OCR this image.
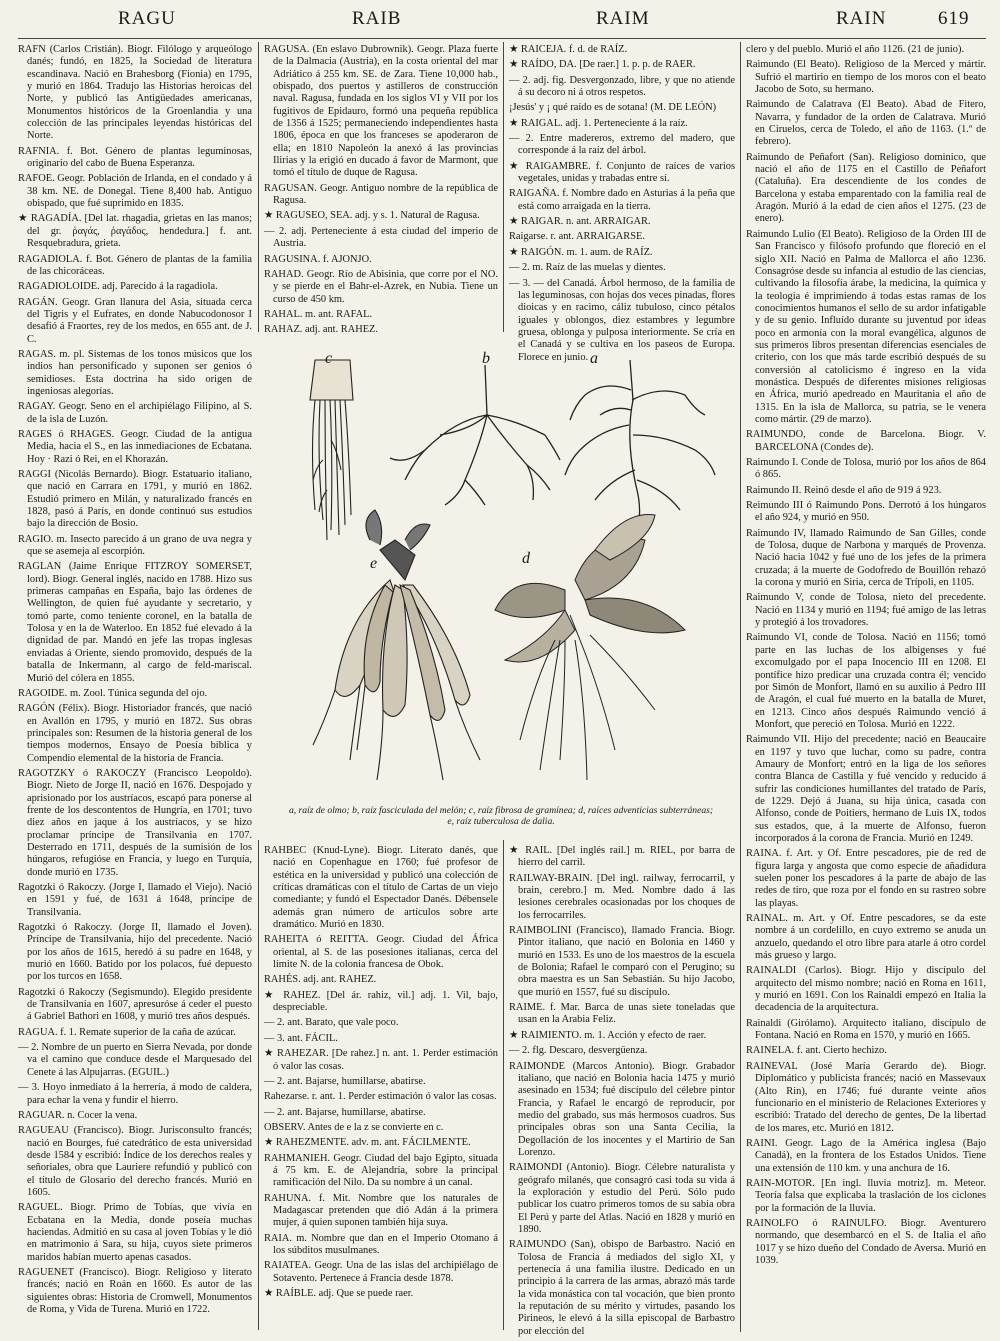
RAGU	RAIB	RAIM	RAIN	619

RAFN (Carlos Cristián). Biogr. Filólogo y arqueólogo danés; fundó, en 1825, la Sociedad de literatura escandinava. Nació en Brahesborg (Fionia) en 1795, y murió en 1864. Tradujo las Historias heroicas del Norte, y publicó las Antigüedades americanas, Monumentos históricos de la Groenlandia y una colección de las principales leyendas históricas del Norte.

RAFNIA. f. Bot. Género de plantas leguminosas, originario del cabo de Buena Esperanza.

RAFOE. Geogr. Población de Irlanda, en el condado y á 38 km. NE. de Donegal. Tiene 8,400 hab. Antiguo obispado, que fué suprimido en 1835.

★ RAGADÍA. [Del lat. rhagadia, grietas en las manos; del gr. ῥαγάς, ῥαγάδος, hendedura.] f. ant. Resquebradura, grieta.

RAGADIOLA. f. Bot. Género de plantas de la familia de las chicoráceas.

RAGADIOLOIDE. adj. Parecido á la ragadiola.

RAGÁN. Geogr. Gran llanura del Asia, situada cerca del Tigris y el Eufrates, en donde Nabucodonosor I desafió á Fraortes, rey de los medos, en 655 ant. de J. C.

RAGAS. m. pl. Sistemas de los tonos músicos que los indios han personificado y suponen ser genios ó semidioses. Esta doctrina ha sido origen de ingeniosas alegorías.

RAGAY. Geogr. Seno en el archipiélago Filipino, al S. de la isla de Luzón.

RAGES ó RHAGES. Geogr. Ciudad de la antigua Media, hacia el S., en las inmediaciones de Ecbatana. Hoy · Razi ó Rei, en el Khorazán.

RAGGI (Nicolás Bernardo). Biogr. Estatuario italiano, que nació en Carrara en 1791, y murió en 1862. Estudió primero en Milán, y naturalizado francés en 1828, pasó á París, en donde continuó sus estudios bajo la dirección de Bosio.

RAGIO. m. Insecto parecido á un grano de uva negra y que se asemeja al escorpión.

RAGLAN (Jaime Enrique FITZROY SOMERSET, lord). Biogr. General inglés, nacido en 1788. Hizo sus primeras campañas en España, bajo las órdenes de Wellington, de quien fué ayudante y secretario, y tomó parte, como teniente coronel, en la batalla de Tolosa y en la de Waterloo. En 1852 fué elevado á la dignidad de par. Mandó en jefe las tropas inglesas enviadas á Oriente, siendo promovido, después de la batalla de Inkermann, al cargo de feld-mariscal. Murió del cólera en 1855.

RAGOIDE. m. Zool. Túnica segunda del ojo.

RAGÓN (Félix). Biogr. Historiador francés, que nació en Avallón en 1795, y murió en 1872. Sus obras principales son: Resumen de la historia general de los tiempos modernos, Ensayo de Poesía bíblica y Compendio elemental de la historia de Francia.

RAGOTZKY ó RAKOCZY (Francisco Leopoldo). Biogr. Nieto de Jorge II, nació en 1676. Despojado y aprisionado por los austríacos, escapó para ponerse al frente de los descontentos de Hungría, en 1701; tuvo diez años en jaque á los austríacos, y se hizo proclamar príncipe de Transilvania en 1707. Desterrado en 1711, después de la sumisión de los húngaros, refugióse en Francia, y luego en Turquía, donde murió en 1735.

Ragotzki ó Rakoczy. (Jorge I, llamado el Viejo). Nació en 1591 y fué, de 1631 á 1648, príncipe de Transilvania.

Ragotzki ó Rakoczy. (Jorge II, llamado el Joven). Príncipe de Transilvania, hijo del precedente. Nació por los años de 1615, heredó á su padre en 1648, y murió en 1660. Batido por los polacos, fué depuesto por los turcos en 1658.

Ragotzki ó Rakoczy (Segismundo). Elegido presidente de Transilvania en 1607, apresuróse á ceder el puesto á Gabriel Bathori en 1608, y murió tres años después.

RAGUA. f. 1. Remate superior de la caña de azúcar.

— 2. Nombre de un puerto en Sierra Nevada, por donde va el camino que conduce desde el Marquesado del Cenete á las Alpujarras. (EGUIL.)

— 3. Hoyo inmediato á la herrería, á modo de caldera, para echar la vena y fundir el hierro.

RAGUAR. n. Cocer la vena.

RAGUEAU (Francisco). Biogr. Jurisconsulto francés; nació en Bourges, fué catedrático de esta universidad desde 1584 y escribió: Índice de los derechos reales y señoriales, obra que Lauriere refundió y publicó con el título de Glosario del derecho francés. Murió en 1605.

RAGUEL. Biogr. Primo de Tobías, que vivía en Ecbatana en la Media, donde poseía muchas haciendas. Admitió en su casa al joven Tobías y le dió en matrimonio á Sara, su hija, cuyos siete primeros maridos habían muerto apenas casados.

RAGUENET (Francisco). Biogr. Religioso y literato francés; nació en Roán en 1660. Es autor de las siguientes obras: Historia de Cromwell, Monumentos de Roma, y Vida de Turena. Murió en 1722.

RAGUSA. (En eslavo Dubrownik). Geogr. Plaza fuerte de la Dalmacia (Austria), en la costa oriental del mar Adriático á 255 km. SE. de Zara. Tiene 10,000 hab., obispado, dos puertos y astilleros de construcción naval. Ragusa, fundada en los siglos VI y VII por los fugitivos de Epidauro, formó una pequeña república de 1356 á 1525; permaneciendo independientes hasta 1806, época en que los franceses se apoderaron de ella; en 1810 Napoleón la anexó á las provincias Ilirias y la erigió en ducado á favor de Marmont, que tomó el título de duque de Ragusa.

RAGUSAN. Geogr. Antiguo nombre de la república de Ragusa.

★ RAGUSEO, SEA. adj. y s. 1. Natural de Ragusa.

— 2. adj. Perteneciente á esta ciudad del imperio de Austria.

RAGUSINA. f. AJONJO.

RAHAD. Geogr. Río de Abisinia, que corre por el NO. y se pierde en el Bahr-el-Azrek, en Nubia. Tiene un curso de 450 km.

RAHAL. m. ant. RAFAL.

RAHAZ. adj. ant. RAHEZ.

★ RAICEJA. f. d. de RAÍZ.

★ RAÍDO, DA. [De raer.] 1. p. p. de RAER.

— 2. adj. fig. Desvergonzado, libre, y que no atiende á su decoro ni á otros respetos.

¡Jesús' y ¡ qué raído es de sotana! (M. DE LEÓN)

★ RAIGAL. adj. 1. Perteneciente á la raíz.

— 2. Entre madereros, extremo del madero, que corresponde á la raíz del árbol.

★ RAIGAMBRE. f. Conjunto de raíces de varios vegetales, unidas y trabadas entre sí.

RAIGAÑA. f. Nombre dado en Asturias á la peña que está como arraigada en la tierra.

★ RAIGAR. n. ant. ARRAIGAR.

Raigarse. r. ant. ARRAIGARSE.

★ RAIGÓN. m. 1. aum. de RAÍZ.

— 2. m. Raíz de las muelas y dientes.

— 3. — del Canadá. Árbol hermoso, de la familia de las leguminosas, con hojas dos veces pinadas, flores dioicas y en racimo, cáliz tubuloso, cinco pétalos iguales y oblongos, diez estambres y legumbre gruesa, oblonga y pulposa interiormente. Se cría en el Canadá y se cultiva en los paseos de Europa. Florece en junio.

RAHBEC (Knud-Lyne). Biogr. Literato danés, que nació en Copenhague en 1760; fué profesor de estética en la universidad y publicó una colección de críticas dramáticas con el título de Cartas de un viejo comediante; y fundó el Espectador Danés. Débensele además gran número de artículos sobre arte dramático. Murió en 1830.

RAHEITA ó REITTA. Geogr. Ciudad del África oriental, al S. de las posesiones italianas, cerca del límite N. de la colonia francesa de Obok.

RAHÉS. adj. ant. RAHEZ.

★ RAHEZ. [Del ár. rahiz, vil.] adj. 1. Vil, bajo, despreciable.

— 2. ant. Barato, que vale poco.

— 3. ant. FÁCIL.

★ RAHEZAR. [De rahez.] n. ant. 1. Perder estimación ó valor las cosas.

— 2. ant. Bajarse, humillarse, abatirse.

Rahezarse. r. ant. 1. Perder estimación ó valor las cosas.

— 2. ant. Bajarse, humillarse, abatirse.

OBSERV. Antes de e la z se convierte en c.

★ RAHEZMENTE. adv. m. ant. FÁCILMENTE.

RAHMANIEH. Geogr. Ciudad del bajo Egipto, situada á 75 km. E. de Alejandría, sobre la principal ramificación del Nilo. Da su nombre á un canal.

RAHUNA. f. Mit. Nombre que los naturales de Madagascar pretenden que dió Adán á la primera mujer, á quien suponen también hija suya.

RAIA. m. Nombre que dan en el Imperio Otomano á los súbditos musulmanes.

RAIATEA. Geogr. Una de las islas del archipiélago de Sotavento. Pertenece á Francia desde 1878.

★ RAÍBLE. adj. Que se puede raer.

★ RAIL. [Del inglés rail.] m. RIEL, por barra de hierro del carril.

RAILWAY-BRAIN. [Del ingl. railway, ferrocarril, y brain, cerebro.] m. Med. Nombre dado á las lesiones cerebrales ocasionadas por los choques de los ferrocarriles.

RAIMBOLINI (Francisco), llamado Francia. Biogr. Pintor italiano, que nació en Bolonia en 1460 y murió en 1533. Es uno de los maestros de la escuela de Bolonia; Rafael le comparó con el Perugino; su obra maestra es un San Sebastián. Su hijo Jacobo, que murió en 1557, fué su discípulo.

RAIME. f. Mar. Barca de unas siete toneladas que usan en la Arabia Feliz.

★ RAIMIENTO. m. 1. Acción y efecto de raer.

— 2. flg. Descaro, desvergüenza.

RAIMONDE (Marcos Antonio). Biogr. Grabador italiano, que nació en Bolonia hacia 1475 y murió asesinado en 1534; fué discípulo del célebre pintor Francia, y Rafael le encargó de reproducir, por medio del grabado, sus más hermosos cuadros. Sus principales obras son una Santa Cecilia, la Degollación de los inocentes y el Martirio de San Lorenzo.

RAIMONDI (Antonio). Biogr. Célebre naturalista y geógrafo milanés, que consagró casi toda su vida á la exploración y estudio del Perú. Sólo pudo publicar los cuatro primeros tomos de su sabia obra El Perú y parte del Atlas. Nació en 1828 y murió en 1890.

RAIMUNDO (San), obispo de Barbastro. Nació en Tolosa de Francia á mediados del siglo XI, y pertenecía á una familia ilustre. Dedicado en un principio á la carrera de las armas, abrazó más tarde la vida monástica con tal vocación, que bien pronto la reputación de su mérito y virtudes, pasando los Pirineos, le elevó á la silla episcopal de Barbastro por elección del

clero y del pueblo. Murió el año 1126. (21 de junio).

Raimundo (El Beato). Religioso de la Merced y mártir. Sufrió el martirio en tiempo de los moros con el beato Jacobo de Soto, su hermano.

Raimundo de Calatrava (El Beato). Abad de Fitero, Navarra, y fundador de la orden de Calatrava. Murió en Ciruelos, cerca de Toledo, el año de 1163. (1.º de febrero).

Raimundo de Peñafort (San). Religioso dominico, que nació el año de 1175 en el Castillo de Peñafort (Cataluña). Era descendiente de los condes de Barcelona y estaba emparentado con la familia real de Aragón. Murió á la edad de cien años el 1275. (23 de enero).

Raimundo Lulio (El Beato). Religioso de la Orden III de San Francisco y filósofo profundo que floreció en el siglo XII. Nació en Palma de Mallorca el año 1236. Consagróse desde su infancia al estudio de las ciencias, cultivando la filosofía árabe, la medicina, la química y la teología é imprimiendo á todas estas ramas de los conocimientos humanos el sello de su ardor infatigable y de su genio. Influído durante su juventud por ideas poco en armonía con la moral evangélica, algunos de sus primeros libros presentan diferencias esenciales de criterio, con los que más tarde escribió después de su conversión al catolicismo é ingreso en la vida monástica. Después de diferentes misiones religiosas en África, murió apedreado en Mauritania el año de 1315. En la isla de Mallorca, su patria, se le venera como mártir. (29 de marzo).

RAIMUNDO, conde de Barcelona. Biogr. V. BARCELONA (Condes de).

Raimundo I. Conde de Tolosa, murió por los años de 864 ó 865.

Raimundo II. Reinó desde el año de 919 á 923.

Reimundo III ó Raimundo Pons. Derrotó á los húngaros el año 924, y murió en 950.

Raimundo IV, llamado Raimundo de San Gilles, conde de Tolosa, duque de Narbona y marqués de Provenza. Nació hacia 1042 y fué uno de los jefes de la primera cruzada; á la muerte de Godofredo de Bouillón rehazó la corona y murió en Siria, cerca de Trípoli, en 1105.

Raimundo V, conde de Tolosa, nieto del precedente. Nació en 1134 y murió en 1194; fué amigo de las letras y protegió á los trovadores.

Raimundo VI, conde de Tolosa. Nació en 1156; tomó parte en las luchas de los albigenses y fué excomulgado por el papa Inocencio III en 1208. El pontífice hizo predicar una cruzada contra él; vencido por Simón de Monfort, llamó en su auxilio á Pedro III de Aragón, el cual fué muerto en la batalla de Muret, en 1213. Cinco años después Raimundo venció á Monfort, que pereció en Tolosa. Murió en 1222.

Raimundo VII. Hijo del precedente; nació en Beaucaire en 1197 y tuvo que luchar, como su padre, contra Amaury de Monfort; entró en la liga de los señores contra Blanca de Castilla y fué vencido y reducido á sufrir las condiciones humillantes del tratado de París, de 1229. Dejó á Juana, su hija única, casada con Alfonso, conde de Poitiers, hermano de Luis IX, todos sus estados, que, á la muerte de Alfonso, fueron incorporados á la corona de Francia. Murió en 1249.

RAINA. f. Art. y Of. Entre pescadores, pie de red de figura larga y angosta que como especie de añadidura suelen poner los pescadores á la parte de abajo de las redes de tiro, que roza por el fondo en su rastreo sobre las playas.

RAINAL. m. Art. y Of. Entre pescadores, se da este nombre á un cordelillo, en cuyo extremo se anuda un anzuelo, quedando el otro libre para atarle á otro cordel más grueso y largo.

RAINALDI (Carlos). Biogr. Hijo y discípulo del arquitecto del mismo nombre; nació en Roma en 1611, y murió en 1691. Con los Rainaldi empezó en Italia la decadencia de la arquitectura.

Rainaldi (Girólamo). Arquitecto italiano, discípulo de Fontana. Nació en Roma en 1570, y murió en 1665.

RAINELA. f. ant. Cierto hechizo.

RAINEVAL (José María Gerardo de). Biogr. Diplomático y publicista francés; nació en Massevaux (Alto Rin), en 1746; fué durante veinte años funcionario en el ministerio de Relaciones Exteriores y escribió: Tratado del derecho de gentes, De la libertad de los mares, etc. Murió en 1812.

RAINI. Geogr. Lago de la América inglesa (Bajo Canadá), en la frontera de los Estados Unidos. Tiene una extensión de 110 km. y una anchura de 16.

RAIN-MOTOR. [En ingl. lluvia motriz]. m. Meteor. Teoría falsa que explicaba la traslación de los ciclones por la formación de la lluvia.

RAINOLFO ó RAINULFO. Biogr. Aventurero normando, que desembarcó en el S. de Italia el año 1017 y se hizo dueño del Condado de Aversa. Murió en 1039.

c	b	a
e	d
a, raíz de olmo; b, raíz fasciculada del melón; c, raíz fibrosa de gramínea; d, raíces adventicias subterráneas;
e, raíz tuberculosa de dalia.
